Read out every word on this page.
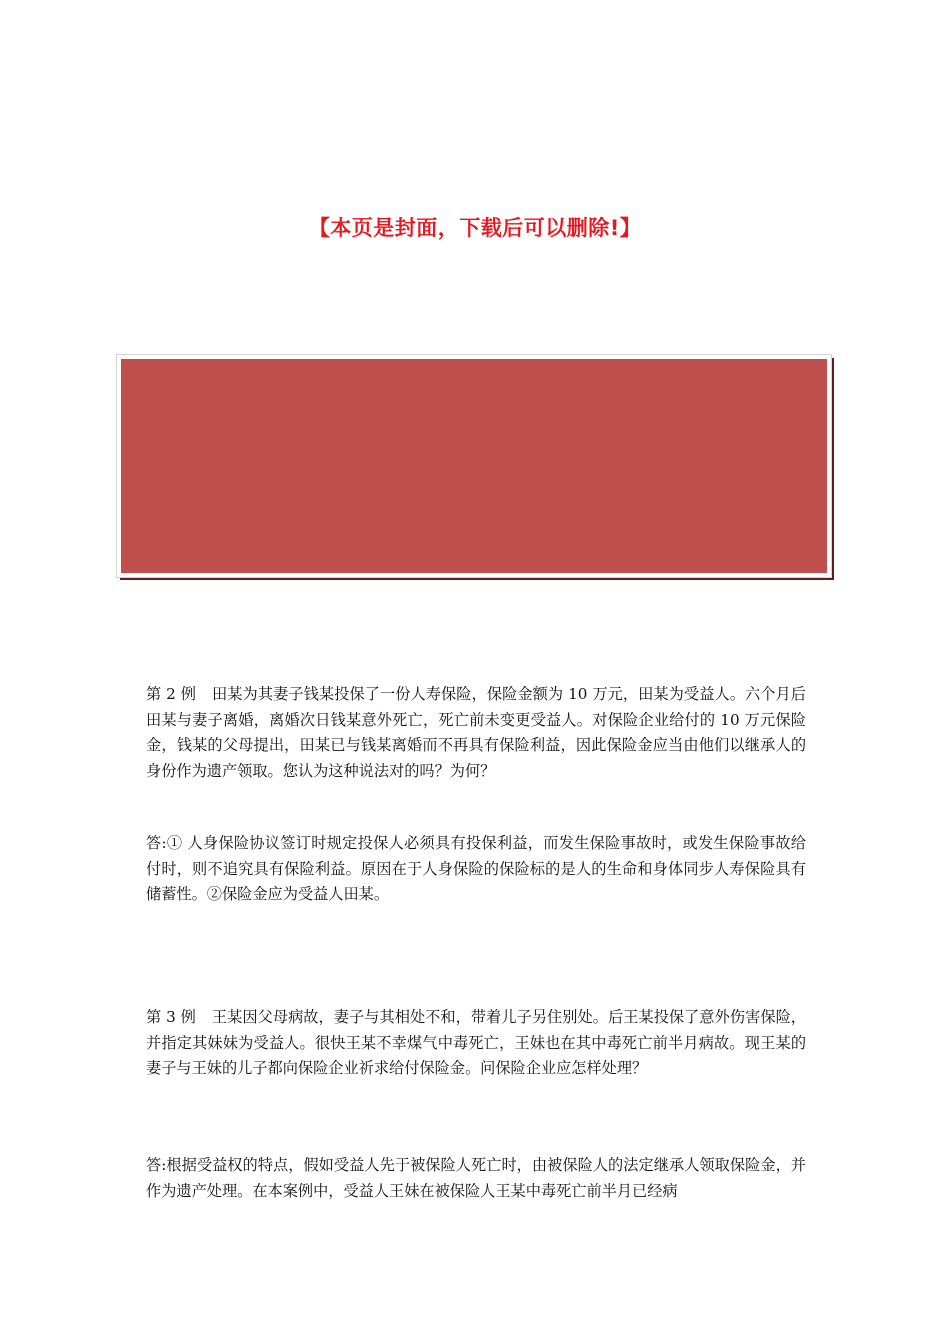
【本页是封面，下载后可以删除!】

第 2 例 田某为其妻子钱某投保了一份人寿保险，保险金额为 10 万元，田某为受益人。六个月后田某与妻子离婚，离婚次日钱某意外死亡，死亡前未变更受益人。对保险企业给付的 10 万元保险金，钱某的父母提出，田某已与钱某离婚而不再具有保险利益，因此保险金应当由他们以继承人的身份作为遗产领取。您认为这种说法对的吗？为何？

答:① 人身保险协议签订时规定投保人必须具有投保利益，而发生保险事故时，或发生保险事故给付时，则不追究具有保险利益。原因在于人身保险的保险标的是人的生命和身体同步人寿保险具有储蓄性。②保险金应为受益人田某。

第 3 例 王某因父母病故，妻子与其相处不和，带着儿子另住别处。后王某投保了意外伤害保险，并指定其妹妹为受益人。很快王某不幸煤气中毒死亡，王妹也在其中毒死亡前半月病故。现王某的妻子与王妹的儿子都向保险企业祈求给付保险金。问保险企业应怎样处理？

答:根据受益权的特点，假如受益人先于被保险人死亡时，由被保险人的法定继承人领取保险金，并作为遗产处理。在本案例中，受益人王妹在被保险人王某中毒死亡前半月已经病
